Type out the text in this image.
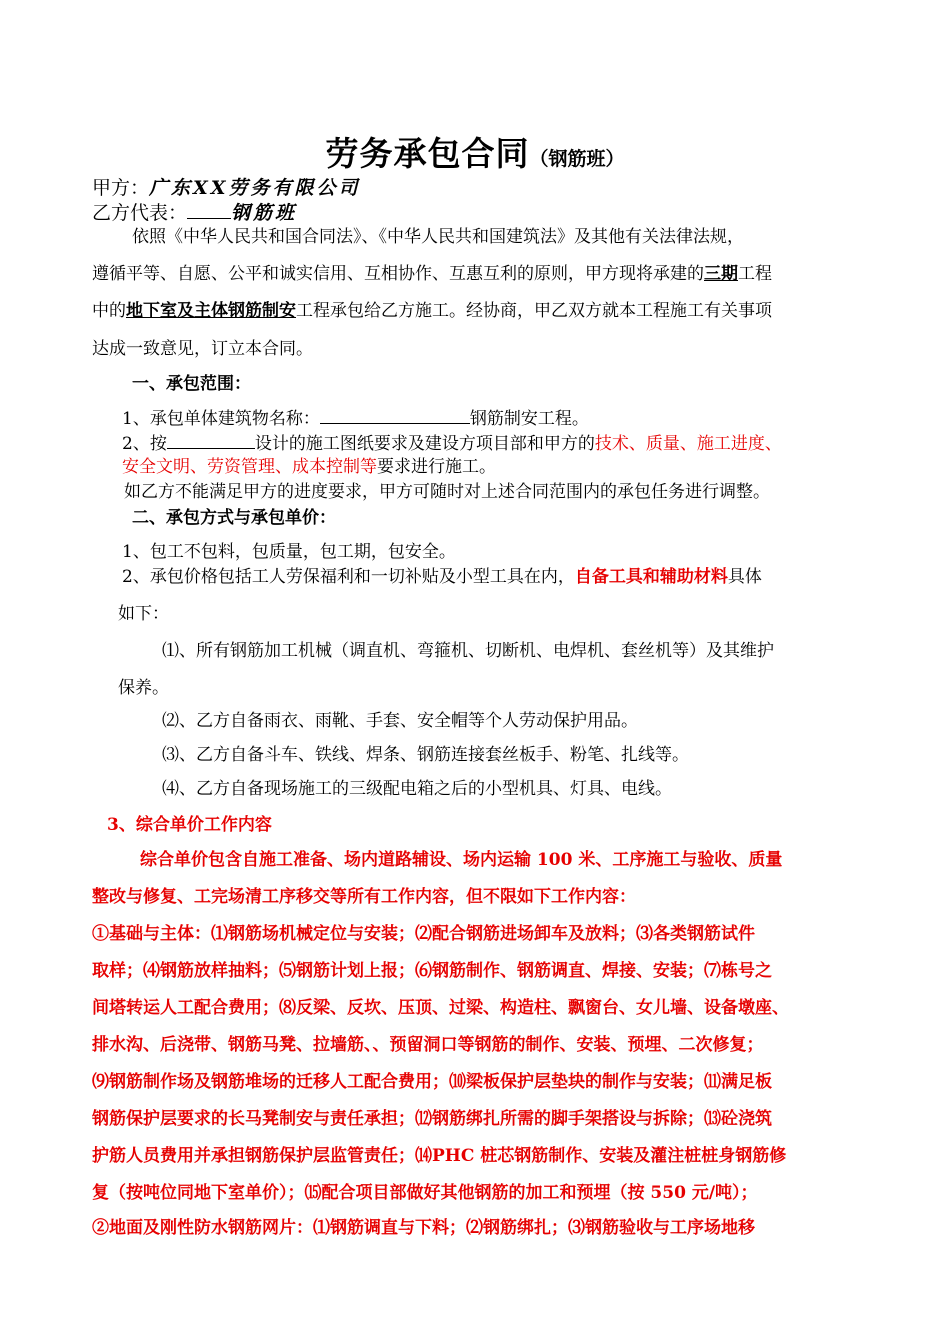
劳务承包合同（钢筋班）
甲方：广东XX劳务有限公司
乙方代表： 钢筋班
依照《中华人民共和国合同法》、《中华人民共和国建筑法》及其他有关法律法规，
遵循平等、自愿、公平和诚实信用、互相协作、互惠互利的原则，甲方现将承建的三期工程
中的地下室及主体钢筋制安工程承包给乙方施工。经协商，甲乙双方就本工程施工有关事项
达成一致意见，订立本合同。
一、承包范围：
1、承包单体建筑物名称：	钢筋制安工程。
2、按	设计的施工图纸要求及建设方项目部和甲方的技术、质量、施工进度、
安全文明、劳资管理、成本控制等要求进行施工。
如乙方不能满足甲方的进度要求，甲方可随时对上述合同范围内的承包任务进行调整。
二、承包方式与承包单价：
1、包工不包料，包质量，包工期，包安全。
2、承包价格包括工人劳保福利和一切补贴及小型工具在内，自备工具和辅助材料具体
如下：
⑴、所有钢筋加工机械（调直机、弯箍机、切断机、电焊机、套丝机等）及其维护
保养。
⑵、乙方自备雨衣、雨靴、手套、安全帽等个人劳动保护用品。
⑶、乙方自备斗车、铁线、焊条、钢筋连接套丝板手、粉笔、扎线等。
⑷、乙方自备现场施工的三级配电箱之后的小型机具、灯具、电线。
3、综合单价工作内容
综合单价包含自施工准备、场内道路辅设、场内运输 100 米、工序施工与验收、质量
整改与修复、工完场清工序移交等所有工作内容，但不限如下工作内容：
①基础与主体：⑴钢筋场机械定位与安装；⑵配合钢筋进场卸车及放料；⑶各类钢筋试件
取样；⑷钢筋放样抽料；⑸钢筋计划上报；⑹钢筋制作、钢筋调直、焊接、安装；⑺栋号之
间塔转运人工配合费用；⑻反梁、反坎、压顶、过梁、构造柱、飘窗台、女儿墙、设备墩座、
排水沟、后浇带、钢筋马凳、拉墙筋、、预留洞口等钢筋的制作、安装、预埋、二次修复；
⑼钢筋制作场及钢筋堆场的迁移人工配合费用；⑽梁板保护层垫块的制作与安装；⑾满足板
钢筋保护层要求的长马凳制安与责任承担；⑿钢筋绑扎所需的脚手架搭设与拆除；⒀砼浇筑
护筋人员费用并承担钢筋保护层监管责任；⒁PHC 桩芯钢筋制作、安装及灌注桩桩身钢筋修
复（按吨位同地下室单价）；⒂配合项目部做好其他钢筋的加工和预埋（按 550 元/吨）；
②地面及刚性防水钢筋网片：⑴钢筋调直与下料；⑵钢筋绑扎；⑶钢筋验收与工序场地移
